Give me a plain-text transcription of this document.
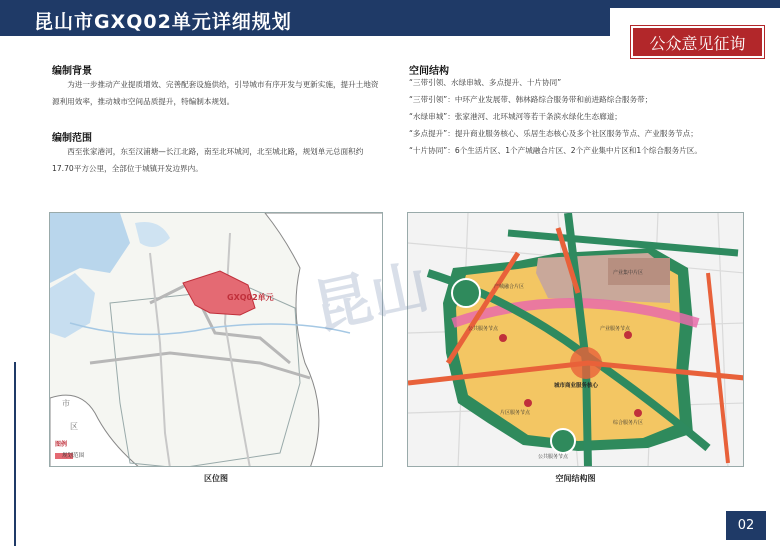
昆山市GXQ02单元详细规划
公众意见征询
编制背景
为进一步推动产业提质增效、完善配套设施供给，引导城市有序开发与更新实施，提升土地资源利用效率，推动城市空间品质提升，特编制本规划。
编制范围
西至张家港河，东至汉浦塘—长江北路，南至北环城河，北至城北路，规划单元总面积约17.70平方公里，全部位于城镇开发边界内。
空间结构
“三带引领、水绿串城、多点提升、十片协同”
“三带引领”：中环产业发展带、韩林路综合服务带和前进路综合服务带；
“水绿串城”：张家港河、北环城河等若干条滨水绿化生态廊道；
“多点提升”：提升商业服务核心、乐居生态核心及多个社区服务节点、产业服务节点；
“十片协同”：6个生活片区、1个产城融合片区、2个产业集中片区和1个综合服务片区。
GXQ02单元
图例
规划范围
市
区
区位图
城市商业服务核心
公共服务节点	产业服务节点
片区服务节点
综合服务片区
产业集中片区
产城融合片区
公共服务节点
空间结构图
昆山
02
